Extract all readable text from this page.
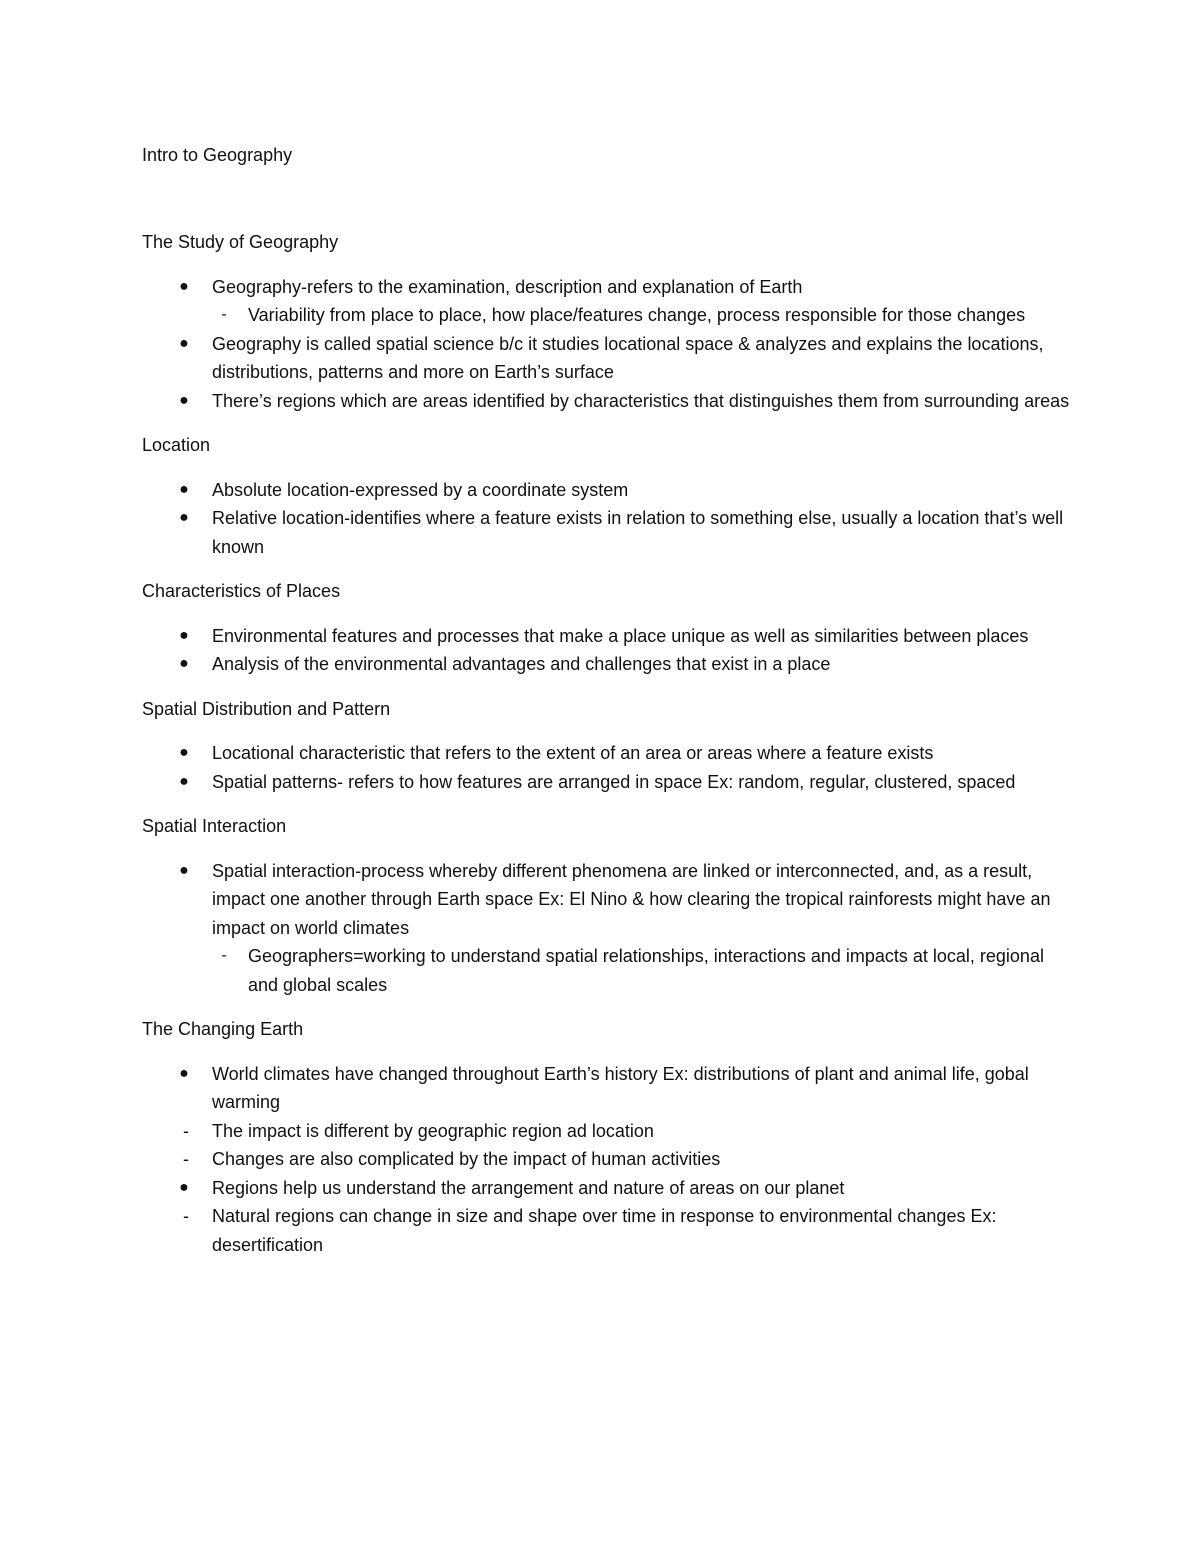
Intro to Geography

The Study of Geography

● Geography-refers to the examination, description and explanation of Earth
-	Variability from place to place, how place/features change, process responsible for those changes
● Geography is called spatial science b/c it studies locational space & analyzes and explains the locations, distributions, patterns and more on Earth’s surface
● There’s regions which are areas identified by characteristics that distinguishes them from surrounding areas

Location

● Absolute location-expressed by a coordinate system
● Relative location-identifies where a feature exists in relation to something else, usually a location that’s well known

Characteristics of Places

● Environmental features and processes that make a place unique as well as similarities between places
● Analysis of the environmental advantages and challenges that exist in a place

Spatial Distribution and Pattern

● Locational characteristic that refers to the extent of an area or areas where a feature exists
● Spatial patterns- refers to how features are arranged in space Ex: random, regular, clustered, spaced

Spatial Interaction

● Spatial interaction-process whereby different phenomena are linked or interconnected, and, as a result, impact one another through Earth space Ex: El Nino & how clearing the tropical rainforests might have an impact on world climates
-	Geographers=working to understand spatial relationships, interactions and impacts at local, regional and global scales

The Changing Earth

● World climates have changed throughout Earth’s history Ex: distributions of plant and animal life, gobal warming
-	The impact is different by geographic region ad location
-	Changes are also complicated by the impact of human activities
● Regions help us understand the arrangement and nature of areas on our planet
-	Natural regions can change in size and shape over time in response to environmental changes Ex: desertification
